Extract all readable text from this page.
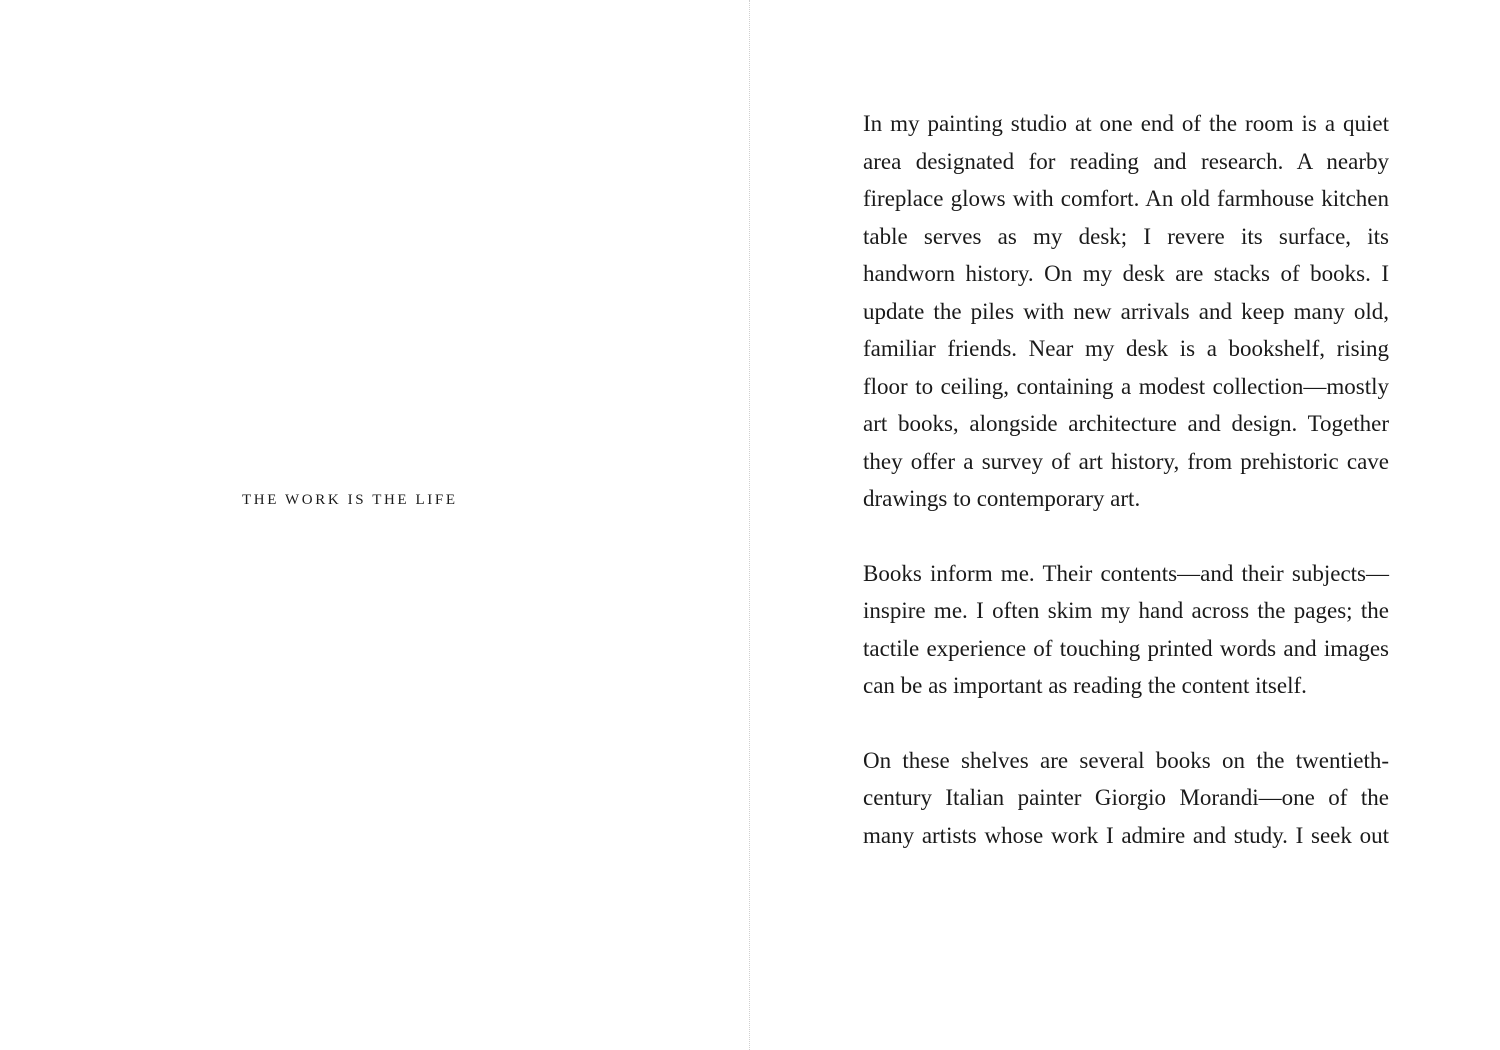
THE WORK IS THE LIFE

In my painting studio at one end of the room is a quiet area designated for reading and research. A nearby fireplace glows with comfort. An old farmhouse kitchen table serves as my desk; I revere its surface, its handworn history. On my desk are stacks of books. I update the piles with new arrivals and keep many old, familiar friends. Near my desk is a bookshelf, rising floor to ceiling, containing a modest collection—mostly art books, alongside architecture and design. Together they offer a survey of art history, from prehistoric cave drawings to contemporary art.

Books inform me. Their contents—and their subjects—inspire me. I often skim my hand across the pages; the tactile experience of touching printed words and images can be as important as reading the content itself.

On these shelves are several books on the twentieth-century Italian painter Giorgio Morandi—one of the many artists whose work I admire and study. I seek out
